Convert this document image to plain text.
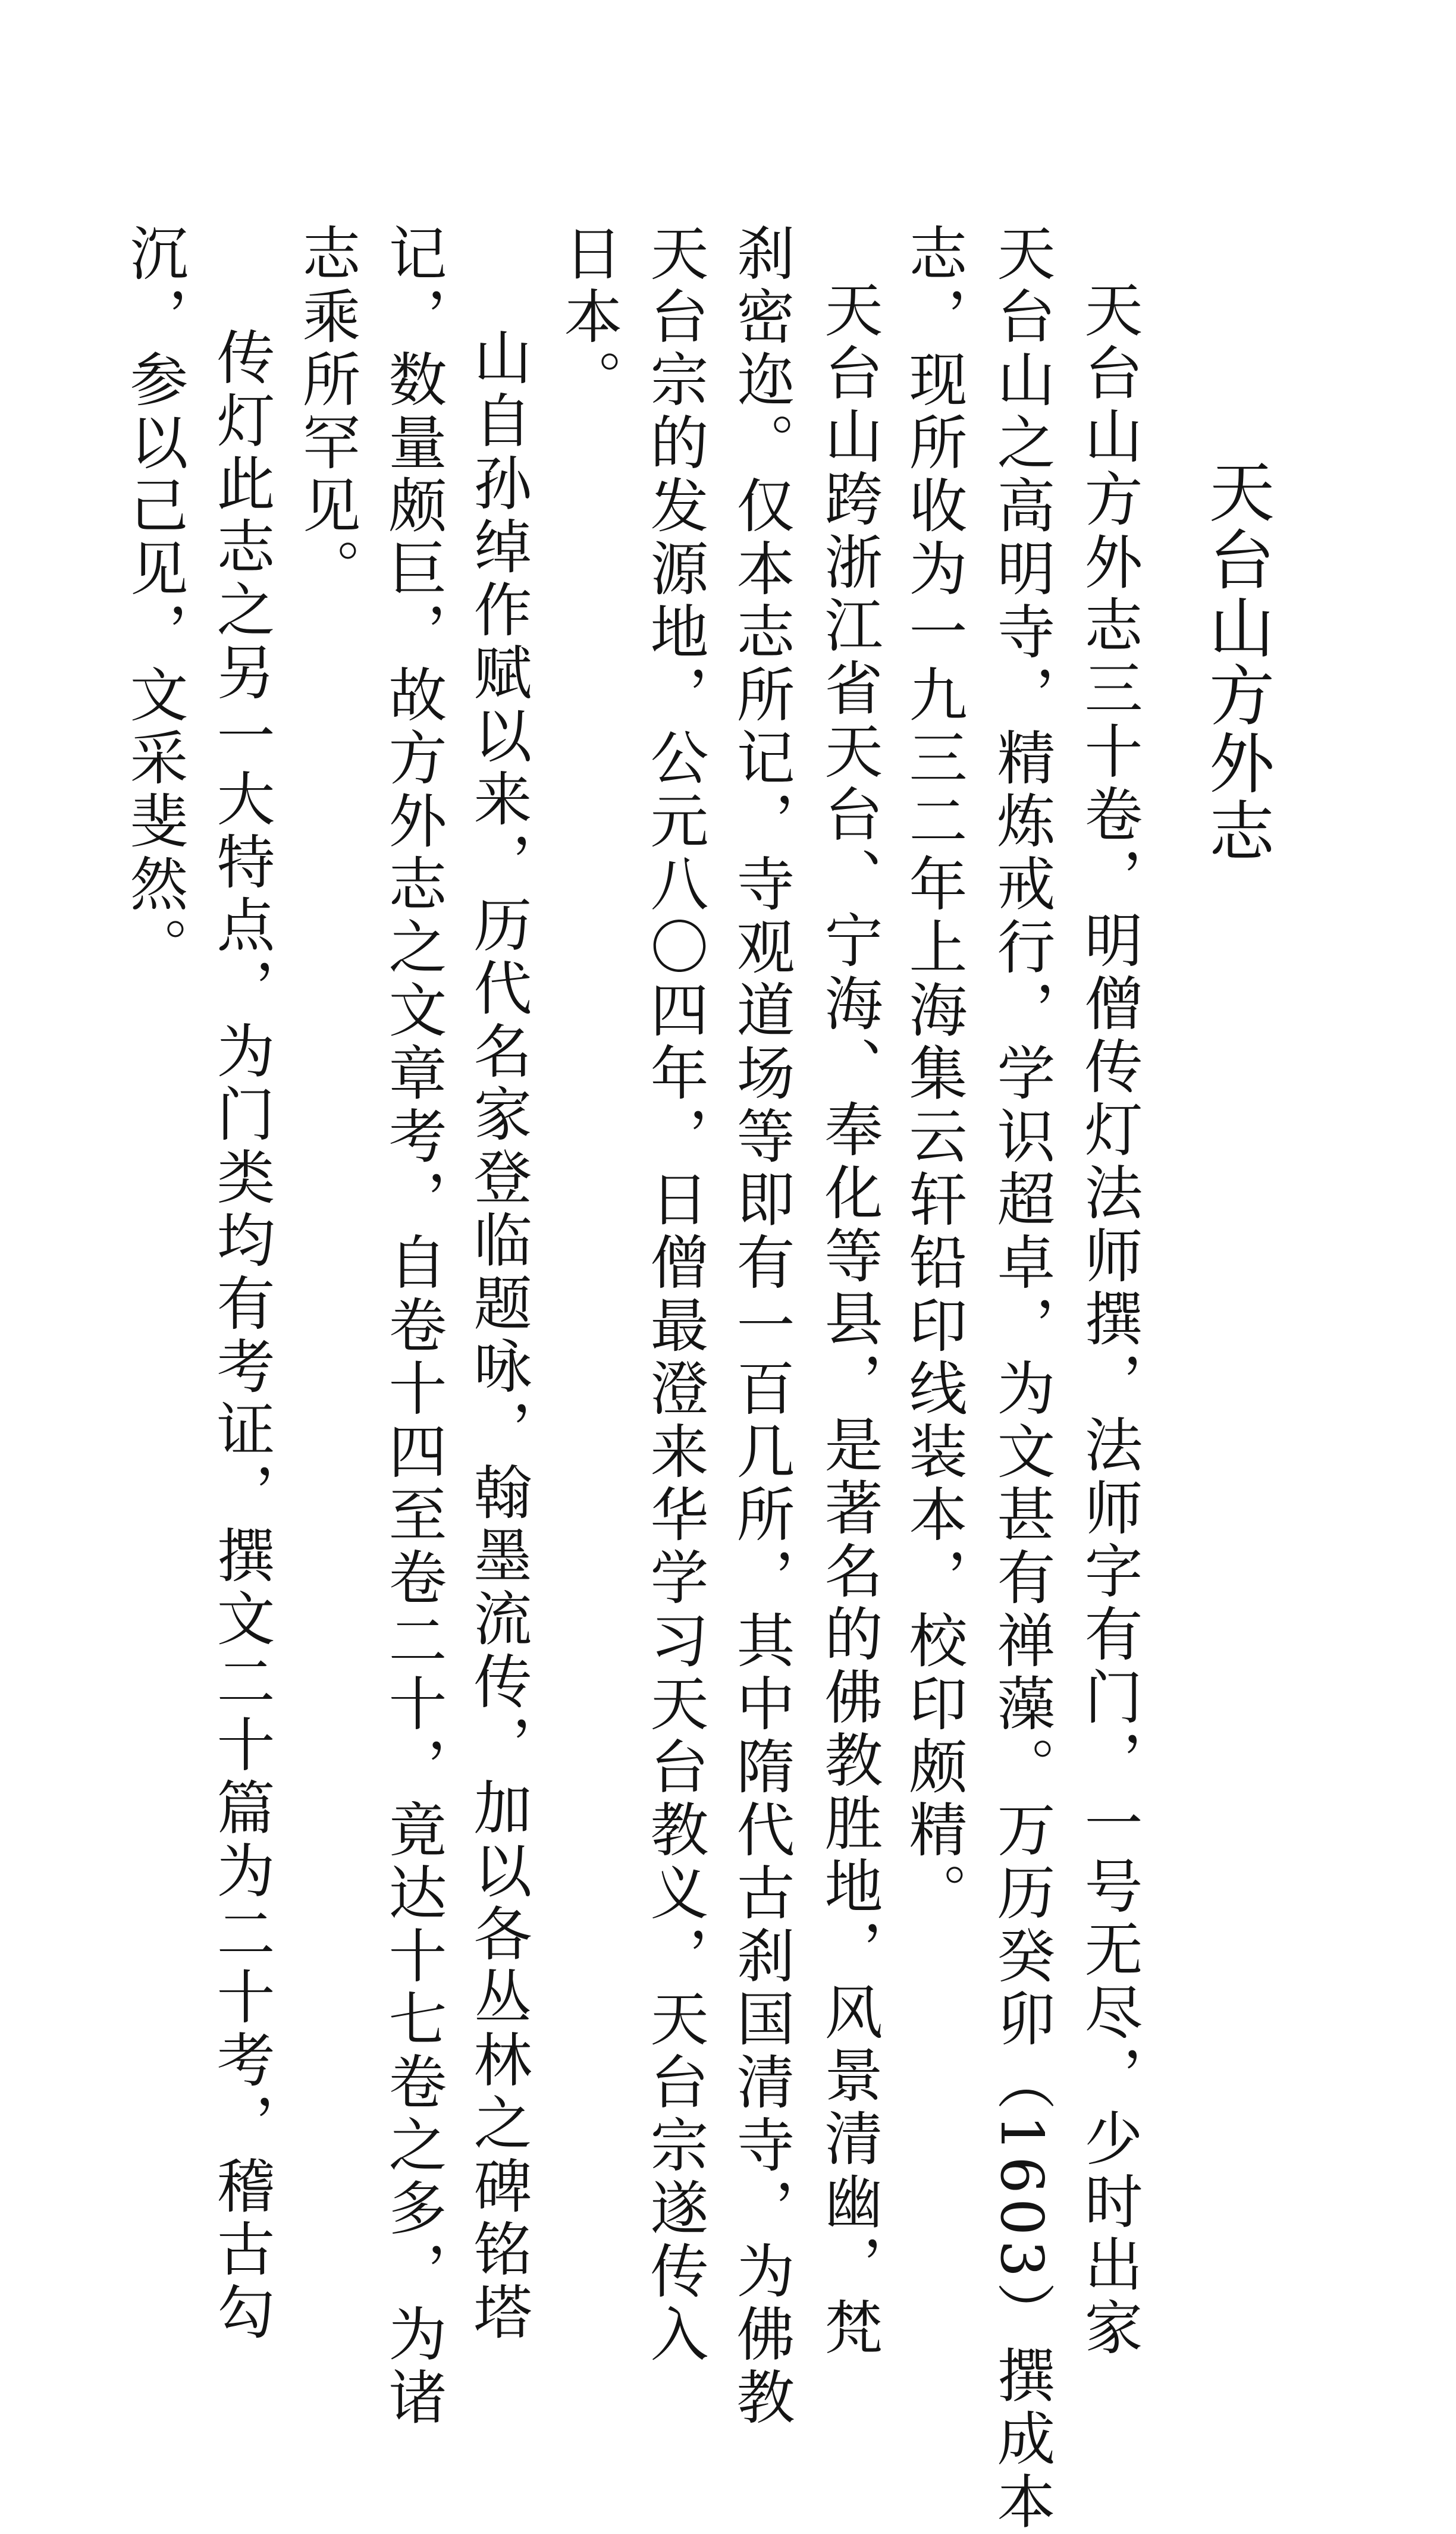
天台山方外志
天台山方外志三十卷，明僧传灯法师撰，法师字有门，一号无尽，少时出家
天台山之高明寺，精炼戒行，学识超卓，为文甚有禅藻。万历癸卯（1603）撰成本
志，现所收为一九三二年上海集云轩铅印线装本，校印颇精。
天台山跨浙江省天台、宁海、奉化等县，是著名的佛教胜地，风景清幽，梵
刹密迩。仅本志所记，寺观道场等即有一百几所，其中隋代古刹国清寺，为佛教
天台宗的发源地，公元八〇四年，日僧最澄来华学习天台教义，天台宗遂传入
日本。
山自孙绰作赋以来，历代名家登临题咏，翰墨流传，加以各丛林之碑铭塔
记，数量颇巨，故方外志之文章考，自卷十四至卷二十，竟达十七卷之多，为诸
志乘所罕见。
传灯此志之另一大特点，为门类均有考证，撰文二十篇为二十考，稽古勾
沉，参以己见，文采斐然。
